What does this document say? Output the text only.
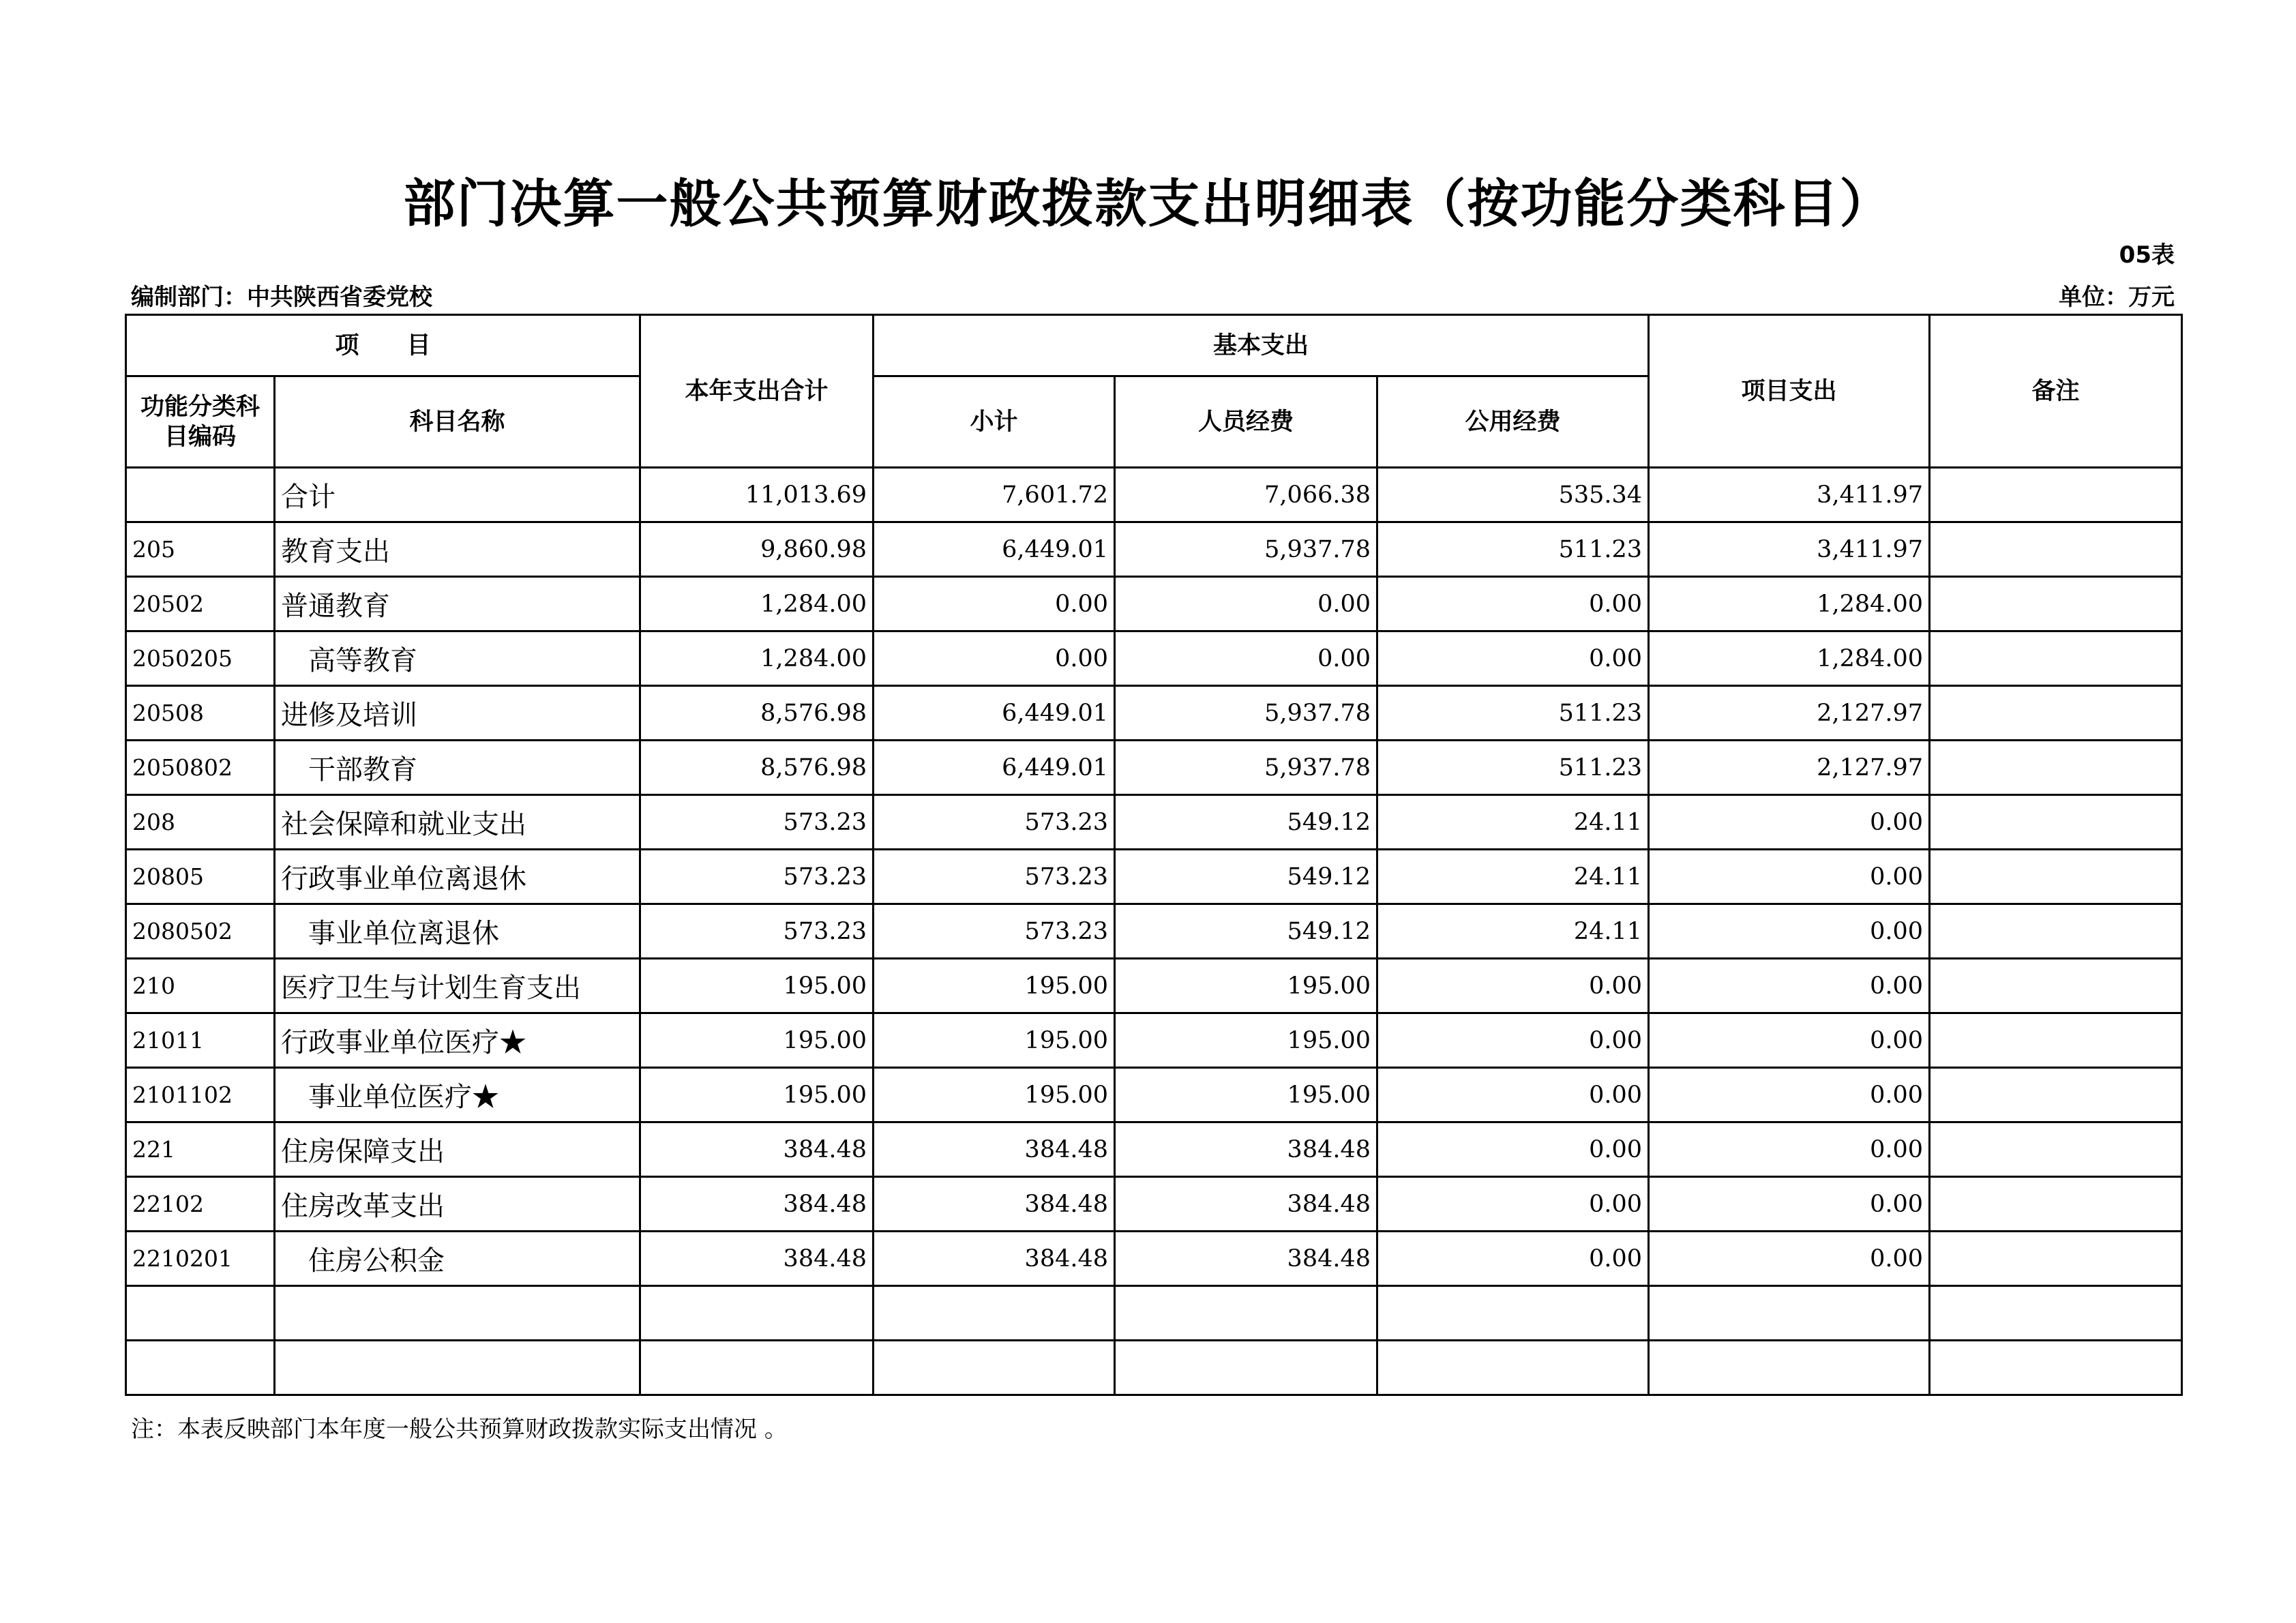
部门决算一般公共预算财政拨款支出明细表（按功能分类科目）
05表
编制部门：中共陕西省委党校	单位：万元
项　　目		本年支出合计	基本支出			项目支出	备注
功能分类科目编码	科目名称		小计	人员经费	公用经费		
	合计	11,013.69	7,601.72	7,066.38	535.34	3,411.97	
205	教育支出	9,860.98	6,449.01	5,937.78	511.23	3,411.97	
20502	普通教育	1,284.00	0.00	0.00	0.00	1,284.00	
2050205	高等教育	1,284.00	0.00	0.00	0.00	1,284.00	
20508	进修及培训	8,576.98	6,449.01	5,937.78	511.23	2,127.97	
2050802	干部教育	8,576.98	6,449.01	5,937.78	511.23	2,127.97	
208	社会保障和就业支出	573.23	573.23	549.12	24.11	0.00	
20805	行政事业单位离退休	573.23	573.23	549.12	24.11	0.00	
2080502	事业单位离退休	573.23	573.23	549.12	24.11	0.00	
210	医疗卫生与计划生育支出	195.00	195.00	195.00	0.00	0.00	
21011	行政事业单位医疗★	195.00	195.00	195.00	0.00	0.00	
2101102	事业单位医疗★	195.00	195.00	195.00	0.00	0.00	
221	住房保障支出	384.48	384.48	384.48	0.00	0.00	
22102	住房改革支出	384.48	384.48	384.48	0.00	0.00	
2210201	住房公积金	384.48	384.48	384.48	0.00	0.00	

注：本表反映部门本年度一般公共预算财政拨款实际支出情况 。
